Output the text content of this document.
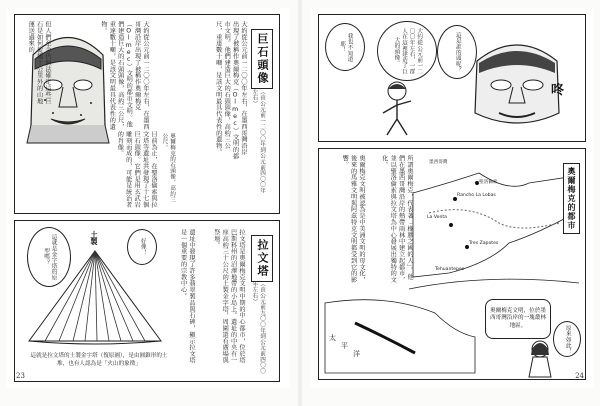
但人們至今仍無法確定這些巨石是如何從幾十公里外的山地運送過來的。	大約從公元前一二〇〇年左右，在墨西哥灣沿岸出現了被稱作奧爾梅克（Olmec）文明的都市文明。他們建造巨大的石頭頭像，高約三公尺，重達數十噸，是該文明最具代表性的遺物。
目前為止，在聖洛倫索與拉文塔等遺址共發現了十七個巨石頭像。它們是用玄武岩雕刻而成的，可能是統治者的肖像。	奧爾梅克的石頭像，高約三公尺。	大約從公元前一二〇〇年左右，在墨西哥灣沿岸出現了被稱作奧爾梅克（Olmec）文明的都市文明。他們建造巨大的石頭頭像，高約三公尺，重達數十噸，是該文明最具代表性的遺物。	巨石頭像
（由公元前一二〇〇年到公元前四〇〇年左右）
土製
這就是金字塔的原型嗎？
好像！
這就是拉文塔的土製金字塔（復原圖），是由圓錐形的土堆，也有人認為是「火山的象徵」
遺址中發現了許多翡翠製品與石碑，顯示拉文塔是一個重要的宗教中心。	拉文塔是奧爾梅克文明中期的中心都市，位於塔巴斯科州的沼澤地帶的小島上。遺址的中央有一座高約三十公尺的土製金字塔，周圍還有廣場與祭壇。
拉文塔
（由公元前九〇〇年到公元前四〇〇年左右）
23
大約從公元前一二〇〇年左右，一群人在這裡建造了巨大的頭像。	這是誰的頭呢？
我也不知道耶！
咚
奧爾梅克文明被認為是中美洲文明的母文化，後來的馬雅文明與阿茲特克文明都受到它的影響。	所謂奧爾梅克，代表著「橡膠之國的人」。他們在墨西哥灣沿岸的熱帶雨林中建立起都市，並以聖洛倫索與拉文塔為中心發展出獨特的文化。	墨西哥灣
聖洛倫索
Rancho La Lobas
La Venta
Tres Zapotes
Tehuantepec
奧爾梅克的都市
太
平
洋
奧爾梅克文明，位於墨西哥灣沿岸的一塊叢林地區。	原來如此！
24
